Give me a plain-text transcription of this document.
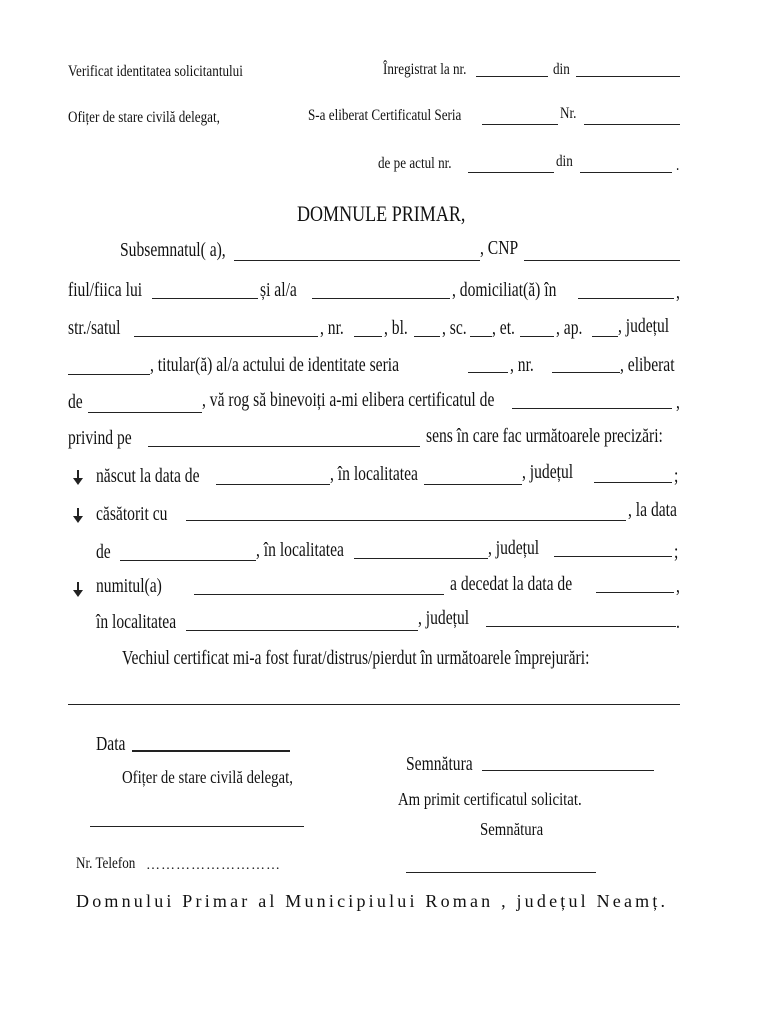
Verificat identitatea solicitantului
Ofițer de stare civilă delegat,
Înregistrat la nr.	din
S-a eliberat Certificatul Seria	Nr.
de pe actul nr.	din	.
DOMNULE PRIMAR,
Subsemnatul( a),	, CNP
fiul/fiica lui	și al/a	, domiciliat(ă) în	,
str./satul	, nr. , bl. , sc. , et. , ap. , județul
, titular(ă) al/a actului de identitate seria	, nr.	, eliberat
de	, vă rog să binevoiți a-mi elibera certificatul de	,
privind pe	sens în care fac următoarele precizări:
născut la data de	, în localitatea	, județul	;
căsătorit cu	, la data
de	, în localitatea	, județul	;
numitul(a)	a decedat la data de	,
în localitatea	, județul	.
Vechiul certificat mi-a fost furat/distrus/pierdut în următoarele împrejurări:
Data
Ofițer de stare civilă delegat,
Semnătura
Am primit certificatul solicitat.
Semnătura
Nr. Telefon ………………………
Domnului Primar al Municipiului Roman , județul Neamț.
